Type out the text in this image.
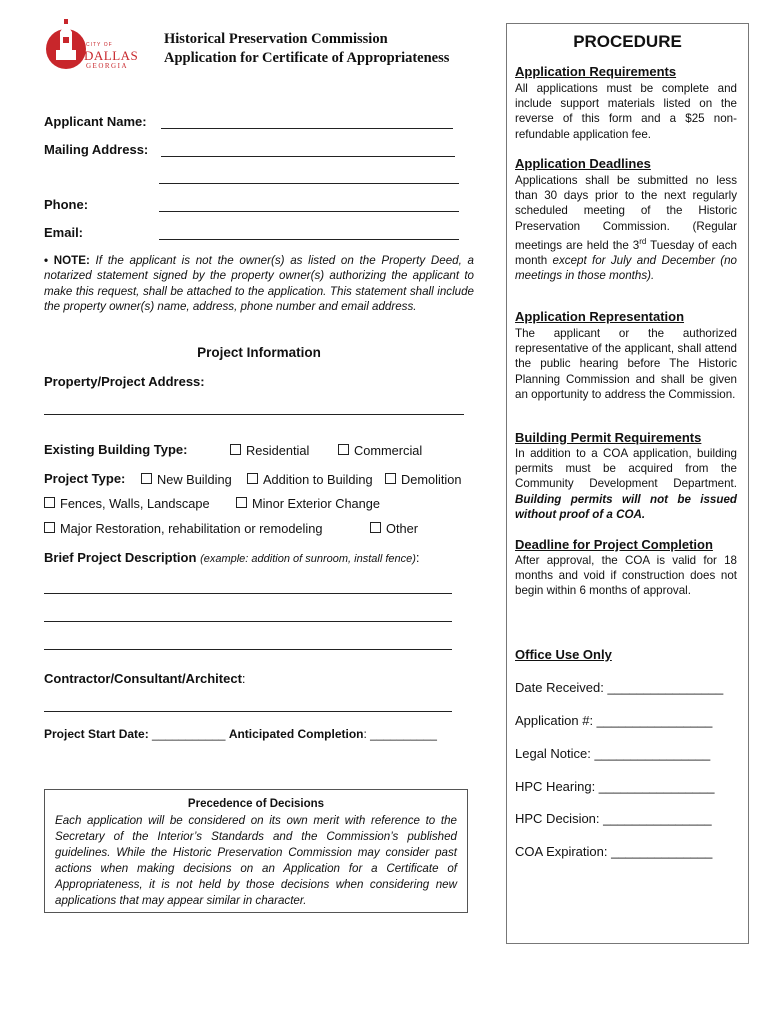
CITY OF
DALLAS
GEORGIA
Historical Preservation Commission
Application for Certificate of Appropriateness
Applicant Name:
Mailing Address:
Phone:
Email:
• NOTE: If the applicant is not the owner(s) as listed on the Property Deed, a notarized statement signed by the property owner(s) authorizing the applicant to make this request, shall be attached to the application. This statement shall include the property owner(s) name, address, phone number and email address.
Project Information
Property/Project Address:
Existing Building Type:	Residential	Commercial
Project Type:	New Building	Addition to Building	Demolition
Fences, Walls, Landscape	Minor Exterior Change
Major Restoration, rehabilitation or remodeling	Other
Brief Project Description (example: addition of sunroom, install fence):
Contractor/Consultant/Architect:
Project Start Date: ___________ Anticipated Completion: __________
Precedence of Decisions
Each application will be considered on its own merit with reference to the Secretary of the Interior’s Standards and the Commission’s published guidelines. While the Historic Preservation Commission may consider past actions when making decisions on an Application for a Certificate of Appropriateness, it is not held by those decisions when considering new applications that may appear similar in character.
PROCEDURE
Application Requirements
All applications must be complete and include support materials listed on the reverse of this form and a $25 non-refundable application fee.
Application Deadlines
Applications shall be submitted no less than 30 days prior to the next regularly scheduled meeting of the Historic Preservation Commission. (Regular meetings are held the 3rd Tuesday of each month except for July and December (no meetings in those months).
Application Representation
The applicant or the authorized representative of the applicant, shall attend the public hearing before The Historic Planning Commission and shall be given an opportunity to address the Commission.
Building Permit Requirements
In addition to a COA application, building permits must be acquired from the Community Development Department. Building permits will not be issued without proof of a COA.
Deadline for Project Completion
After approval, the COA is valid for 18 months and void if construction does not begin within 6 months of approval.
Office Use Only
Date Received: ________________
Application #: ________________
Legal Notice: ________________
HPC Hearing: ________________
HPC Decision: _______________
COA Expiration: ______________
